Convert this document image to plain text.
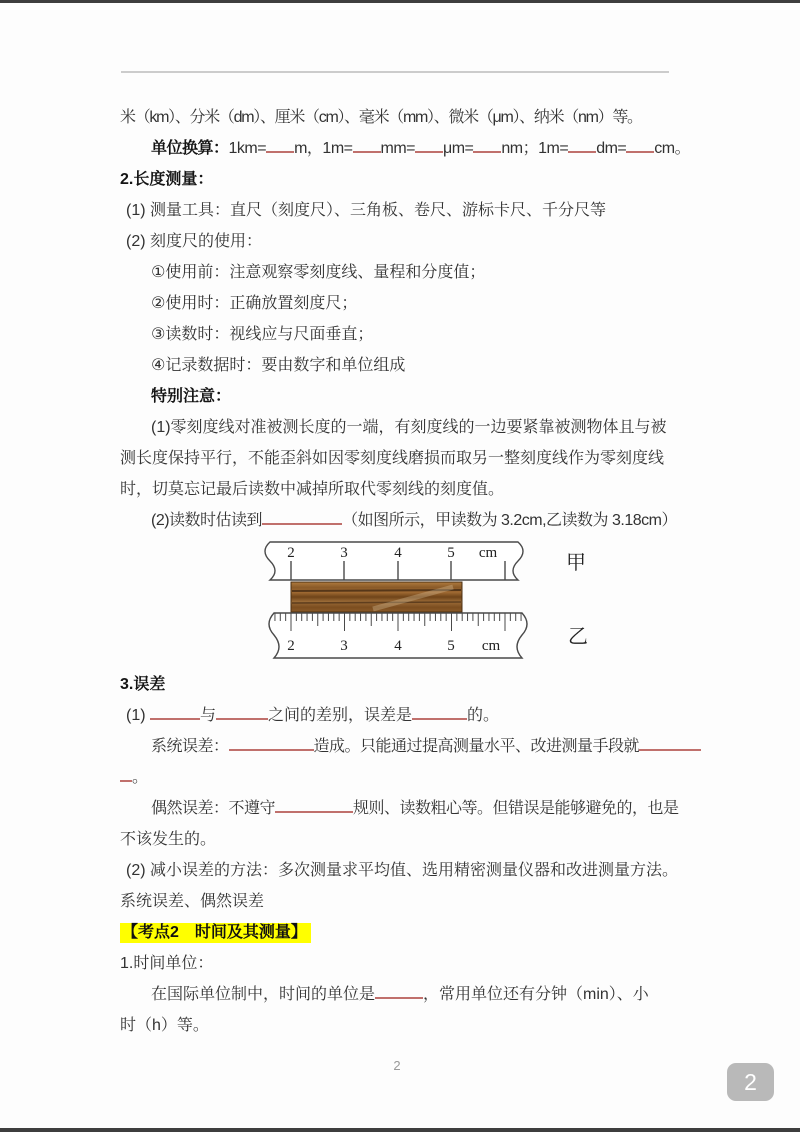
米（km）、分米（dm）、厘米（cm）、毫米（mm）、微米（μm）、纳米（nm）等。

单位换算：1km= m，1m= mm= μm= nm；1m= dm= cm。

2.长度测量：

(1) 测量工具：直尺（刻度尺）、三角板、卷尺、游标卡尺、千分尺等

(2) 刻度尺的使用：

①使用前：注意观察零刻度线、量程和分度值；

②使用时：正确放置刻度尺；

③读数时：视线应与尺面垂直；

④记录数据时：要由数字和单位组成

特别注意：

(1)零刻度线对准被测长度的一端，有刻度线的一边要紧靠被测物体且与被

测长度保持平行，不能歪斜如因零刻度线磨损而取另一整刻度线作为零刻度线

时，切莫忘记最后读数中减掉所取代零刻线的刻度值。

(2)读数时估读到	（如图所示，甲读数为 3.2cm,乙读数为 3.18cm）

2	3	4	5 cm
2	3	4	5 cm
甲
乙

3.误差

(1)	与	之间的差别，误差是	的。

系统误差：	造成。只能通过提高测量水平、改进测量手段就

。

偶然误差：不遵守	规则、读数粗心等。但错误是能够避免的，也是

不该发生的。

(2) 减小误差的方法：多次测量求平均值、选用精密测量仪器和改进测量方法。

系统误差、偶然误差

【考点2　时间及其测量】

1.时间单位：

在国际单位制中，时间的单位是	，常用单位还有分钟（min）、小

时（h）等。

2
2
